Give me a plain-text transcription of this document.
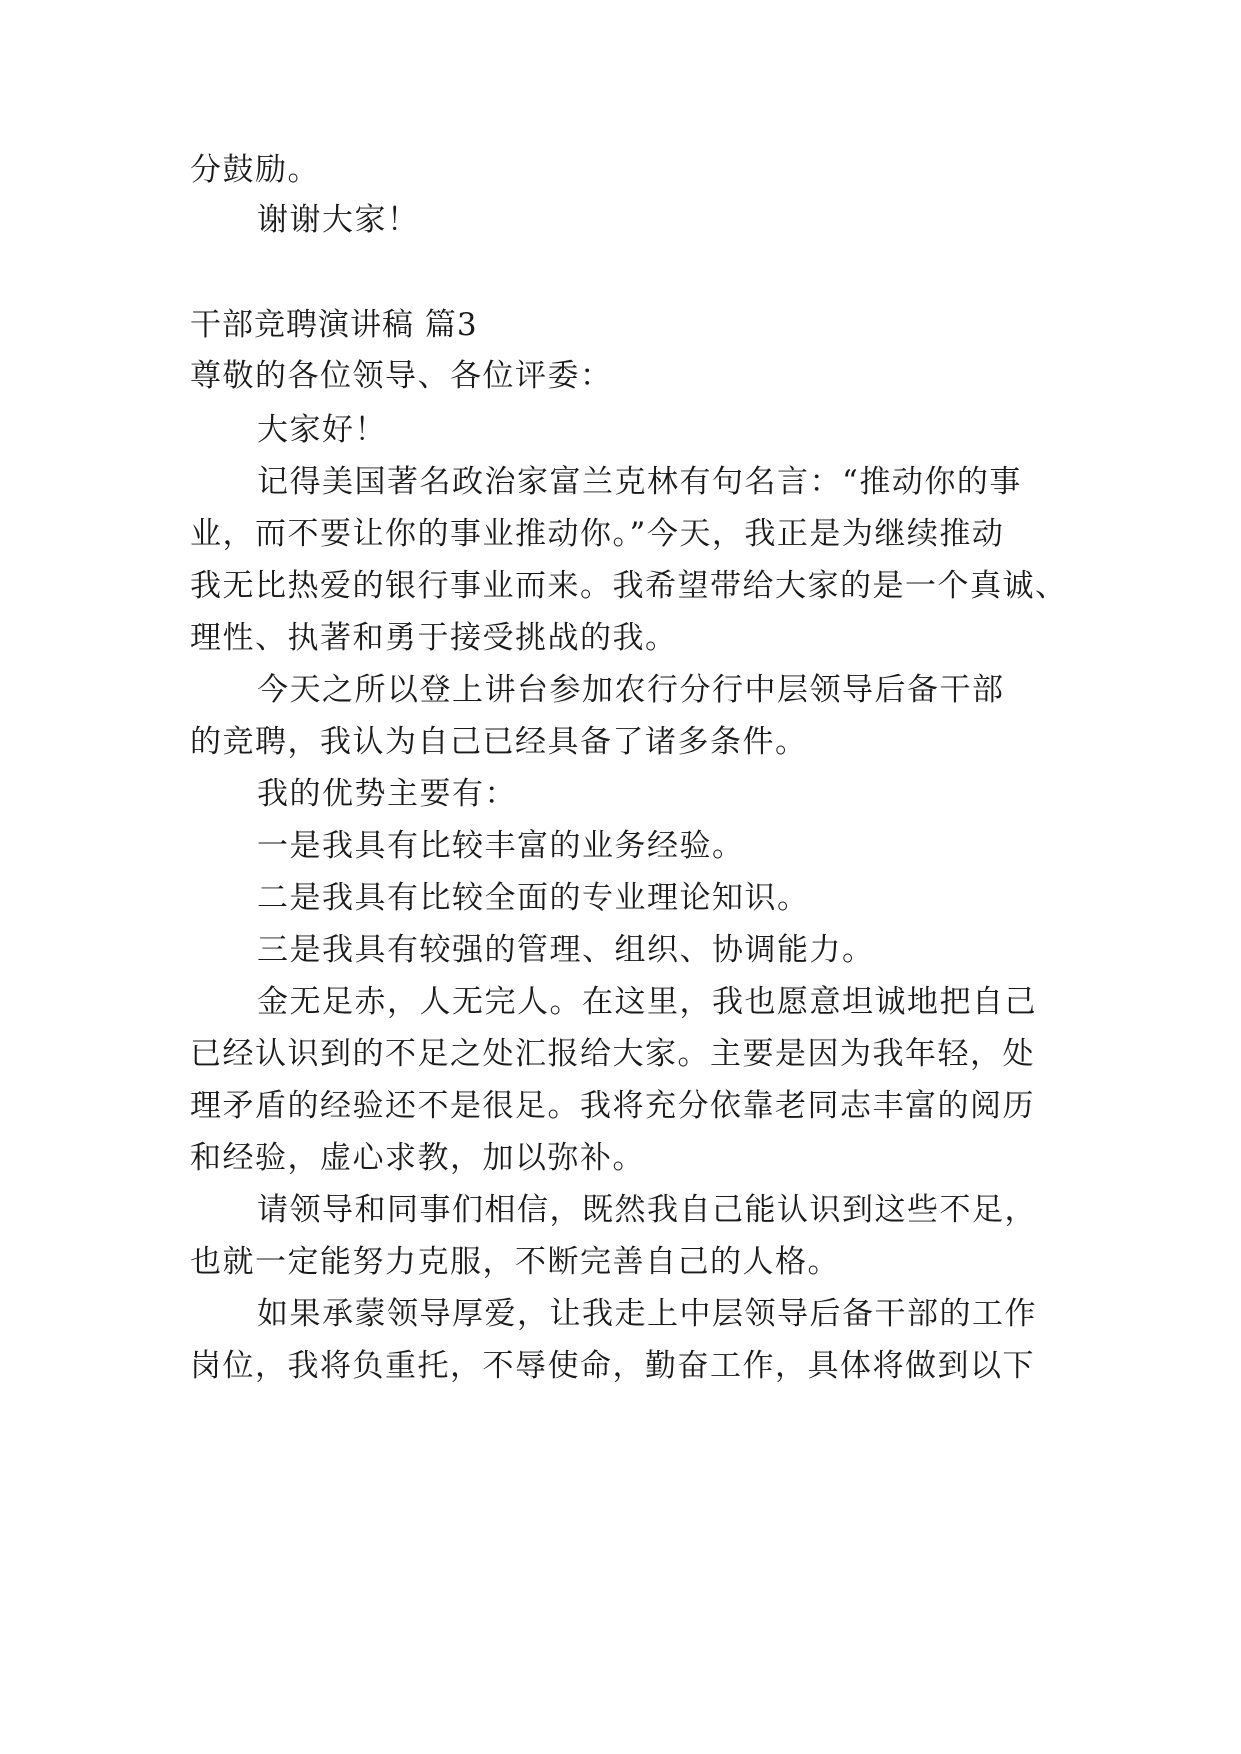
分鼓励。
谢谢大家！
干部竞聘演讲稿 篇3
尊敬的各位领导、各位评委：
大家好！
记得美国著名政治家富兰克林有句名言：“推动你的事
业，而不要让你的事业推动你。”今天，我正是为继续推动
我无比热爱的银行事业而来。我希望带给大家的是一个真诚、
理性、执著和勇于接受挑战的我。
今天之所以登上讲台参加农行分行中层领导后备干部
的竞聘，我认为自己已经具备了诸多条件。
我的优势主要有：
一是我具有比较丰富的业务经验。
二是我具有比较全面的专业理论知识。
三是我具有较强的管理、组织、协调能力。
金无足赤，人无完人。在这里，我也愿意坦诚地把自己
已经认识到的不足之处汇报给大家。主要是因为我年轻，处
理矛盾的经验还不是很足。我将充分依靠老同志丰富的阅历
和经验，虚心求教，加以弥补。
请领导和同事们相信，既然我自己能认识到这些不足，
也就一定能努力克服，不断完善自己的人格。
如果承蒙领导厚爱，让我走上中层领导后备干部的工作
岗位，我将负重托，不辱使命，勤奋工作，具体将做到以下
